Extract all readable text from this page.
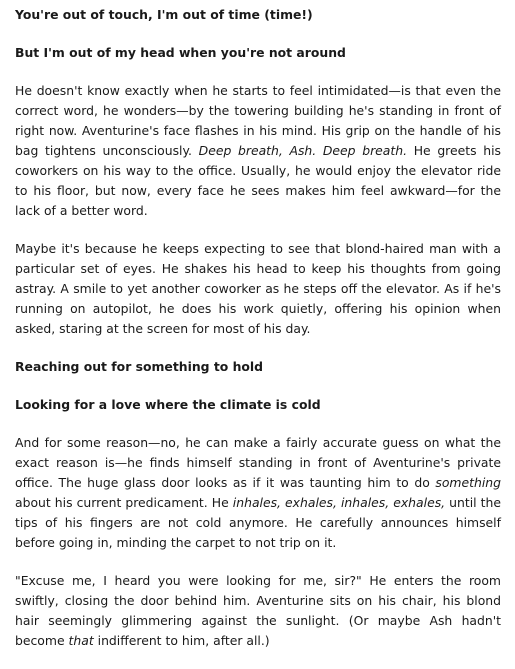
You're out of touch, I'm out of time (time!)
But I'm out of my head when you're not around
He doesn't know exactly when he starts to feel intimidated—is that even the correct word, he wonders—by the towering building he's standing in front of right now. Aventurine's face flashes in his mind. His grip on the handle of his bag tightens unconsciously. Deep breath, Ash. Deep breath. He greets his coworkers on his way to the office. Usually, he would enjoy the elevator ride to his floor, but now, every face he sees makes him feel awkward—for the lack of a better word.
Maybe it's because he keeps expecting to see that blond-haired man with a particular set of eyes. He shakes his head to keep his thoughts from going astray. A smile to yet another coworker as he steps off the elevator. As if he's running on autopilot, he does his work quietly, offering his opinion when asked, staring at the screen for most of his day.
Reaching out for something to hold
Looking for a love where the climate is cold
And for some reason—no, he can make a fairly accurate guess on what the exact reason is—he finds himself standing in front of Aventurine's private office. The huge glass door looks as if it was taunting him to do something about his current predicament. He inhales, exhales, inhales, exhales, until the tips of his fingers are not cold anymore. He carefully announces himself before going in, minding the carpet to not trip on it.
"Excuse me, I heard you were looking for me, sir?" He enters the room swiftly, closing the door behind him. Aventurine sits on his chair, his blond hair seemingly glimmering against the sunlight. (Or maybe Ash hadn't become that indifferent to him, after all.)
